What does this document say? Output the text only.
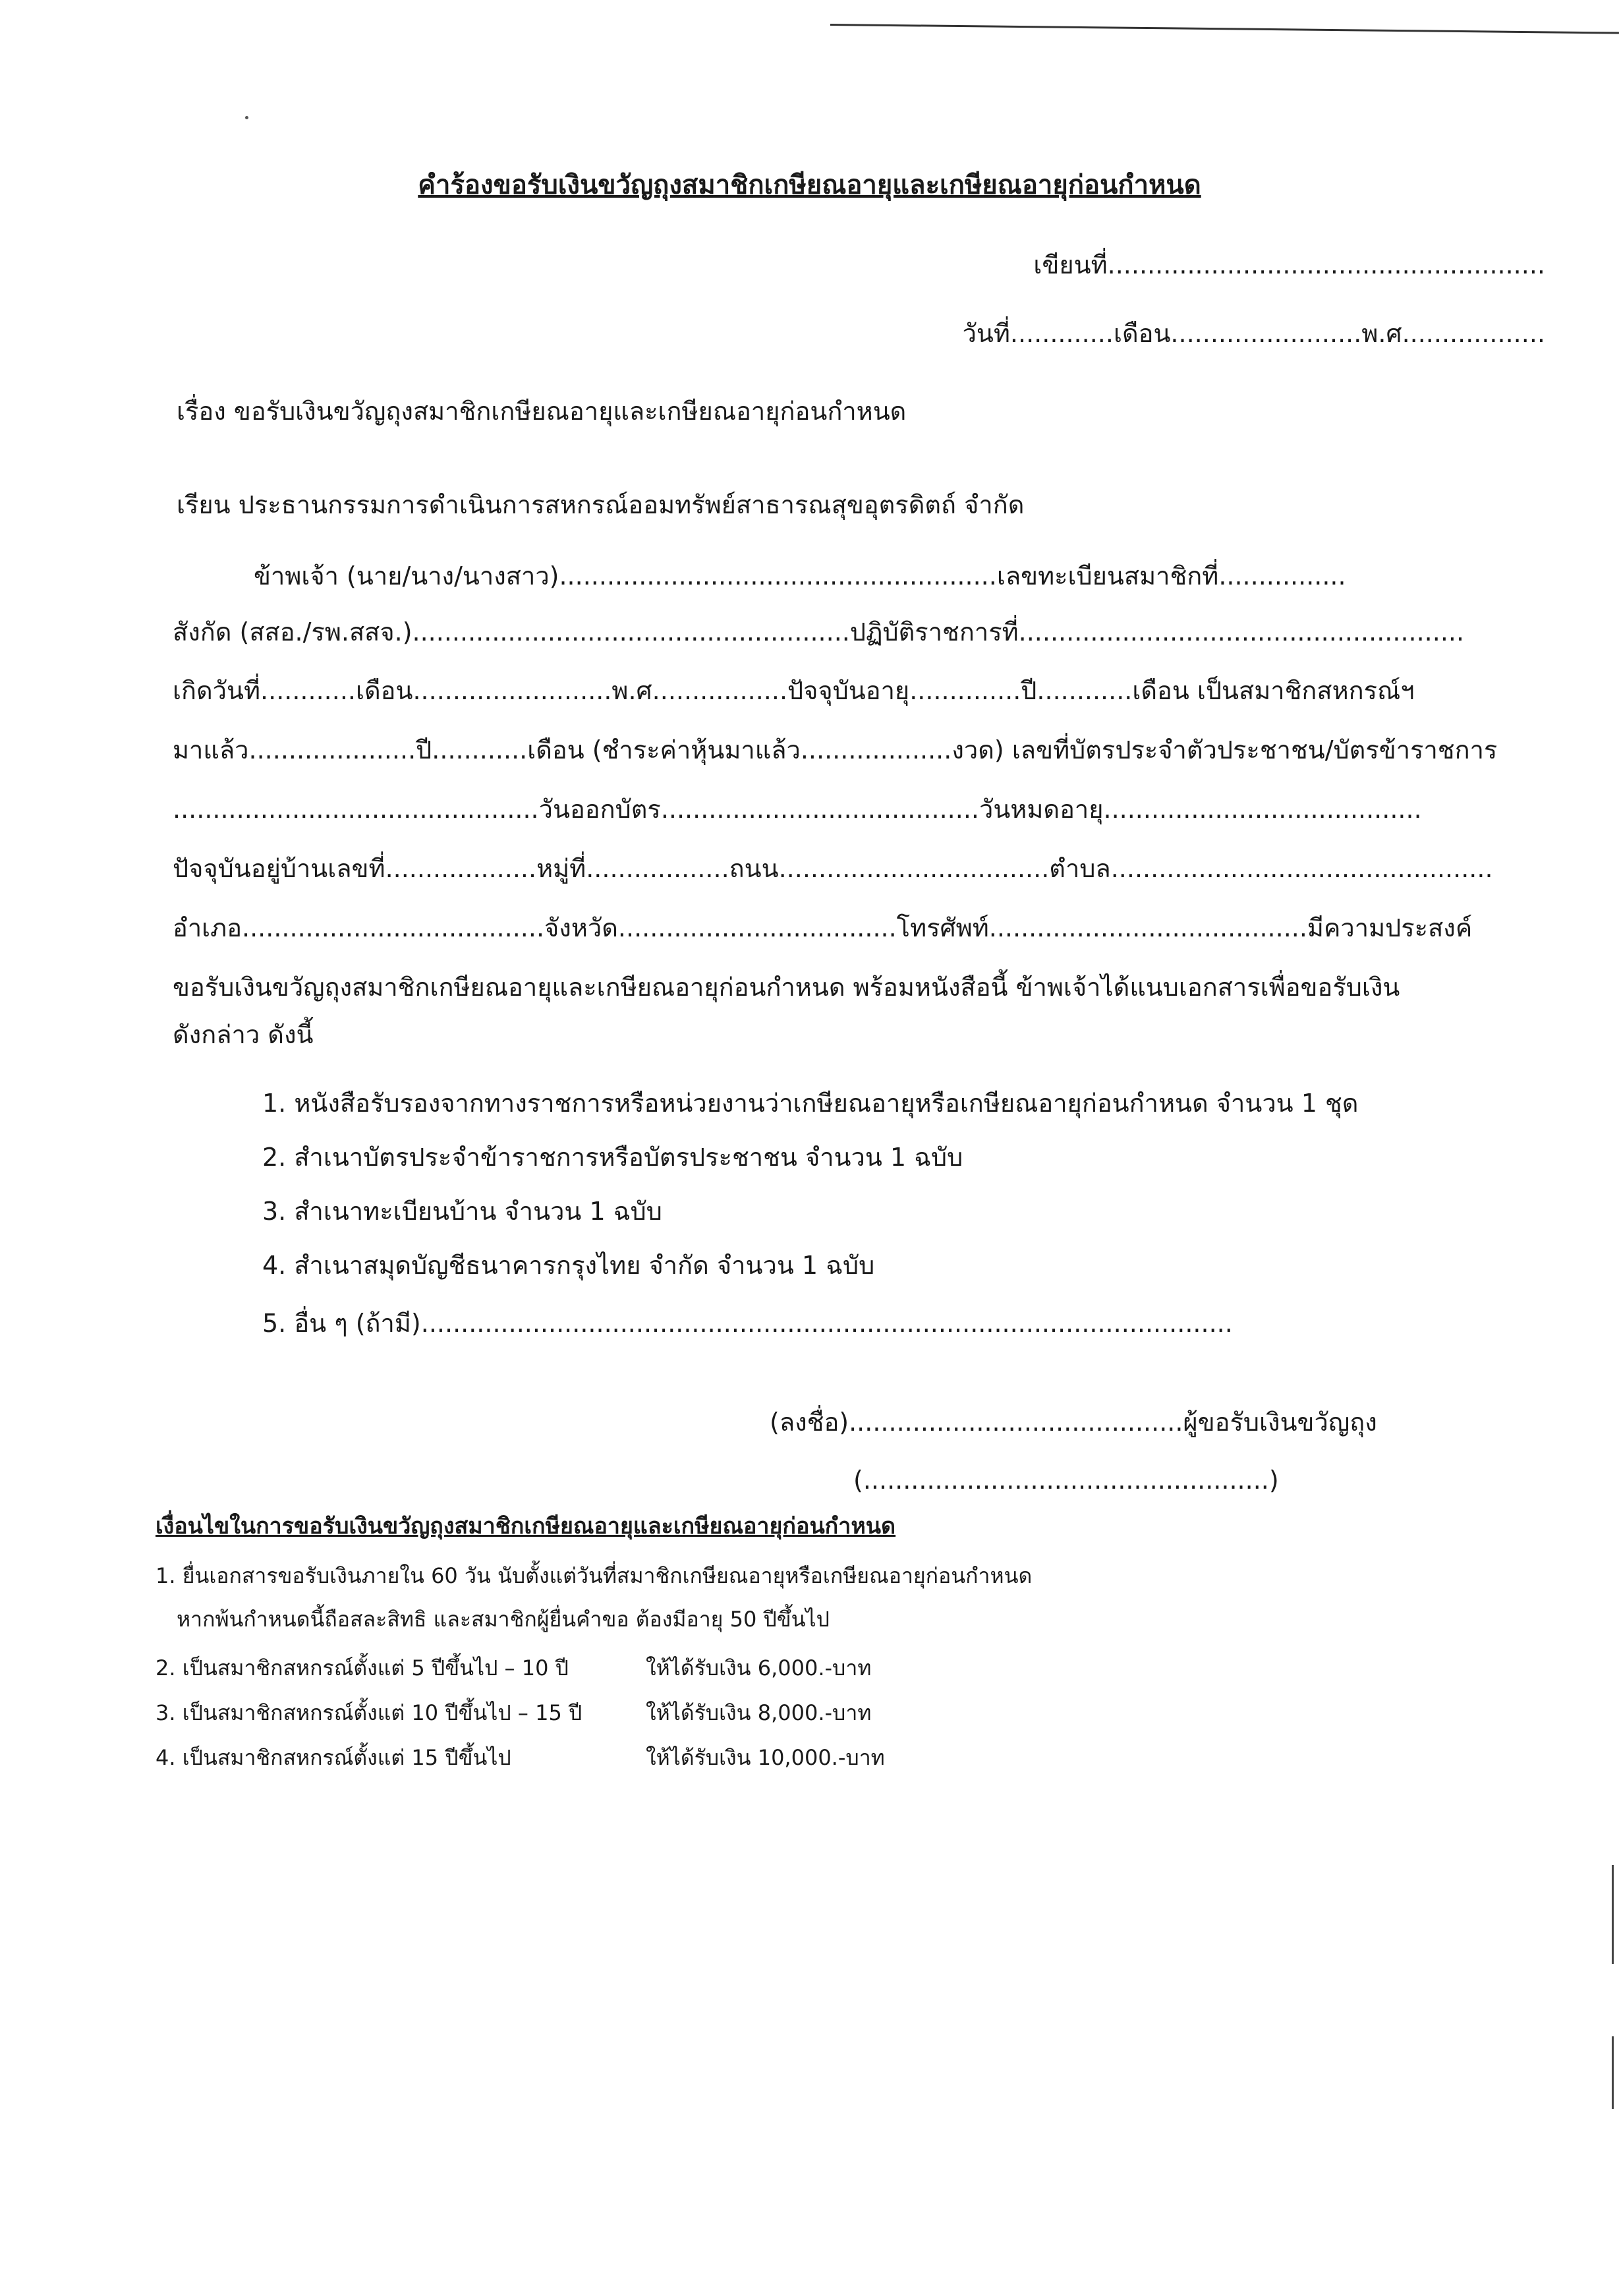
คำร้องขอรับเงินขวัญถุงสมาชิกเกษียณอายุและเกษียณอายุก่อนกำหนด
เขียนที่.......................................................
วันที่.............เดือน........................พ.ศ..................
เรื่อง ขอรับเงินขวัญถุงสมาชิกเกษียณอายุและเกษียณอายุก่อนกำหนด
เรียน ประธานกรรมการดำเนินการสหกรณ์ออมทรัพย์สาธารณสุขอุตรดิตถ์ จำกัด
ข้าพเจ้า (นาย/นาง/นางสาว).......................................................เลขทะเบียนสมาชิกที่................
สังกัด (สสอ./รพ.สสจ.).......................................................ปฏิบัติราชการที่........................................................
เกิดวันที่............เดือน.........................พ.ศ.................ปัจจุบันอายุ..............ปี............เดือน เป็นสมาชิกสหกรณ์ฯ
มาแล้ว.....................ปี............เดือน (ชำระค่าหุ้นมาแล้ว...................งวด) เลขที่บัตรประจำตัวประชาชน/บัตรข้าราชการ
..............................................วันออกบัตร........................................วันหมดอายุ........................................
ปัจจุบันอยู่บ้านเลขที่...................หมู่ที่..................ถนน..................................ตำบล................................................
อำเภอ......................................จังหวัด...................................โทรศัพท์........................................มีความประสงค์
ขอรับเงินขวัญถุงสมาชิกเกษียณอายุและเกษียณอายุก่อนกำหนด พร้อมหนังสือนี้ ข้าพเจ้าได้แนบเอกสารเพื่อขอรับเงิน
ดังกล่าว ดังนี้
1. หนังสือรับรองจากทางราชการหรือหน่วยงานว่าเกษียณอายุหรือเกษียณอายุก่อนกำหนด จำนวน 1 ชุด
2. สำเนาบัตรประจำข้าราชการหรือบัตรประชาชน จำนวน 1 ฉบับ
3. สำเนาทะเบียนบ้าน จำนวน 1 ฉบับ
4. สำเนาสมุดบัญชีธนาคารกรุงไทย จำกัด จำนวน 1 ฉบับ
5. อื่น ๆ (ถ้ามี)......................................................................................................
(ลงชื่อ)..........................................ผู้ขอรับเงินขวัญถุง
(...................................................)
เงื่อนไขในการขอรับเงินขวัญถุงสมาชิกเกษียณอายุและเกษียณอายุก่อนกำหนด
1. ยื่นเอกสารขอรับเงินภายใน 60 วัน นับตั้งแต่วันที่สมาชิกเกษียณอายุหรือเกษียณอายุก่อนกำหนด
หากพ้นกำหนดนี้ถือสละสิทธิ และสมาชิกผู้ยื่นคำขอ ต้องมีอายุ 50 ปีขึ้นไป
2. เป็นสมาชิกสหกรณ์ตั้งแต่ 5 ปีขึ้นไป – 10 ปี	ให้ได้รับเงิน 6,000.-บาท
3. เป็นสมาชิกสหกรณ์ตั้งแต่ 10 ปีขึ้นไป – 15 ปี	ให้ได้รับเงิน 8,000.-บาท
4. เป็นสมาชิกสหกรณ์ตั้งแต่ 15 ปีขึ้นไป	ให้ได้รับเงิน 10,000.-บาท
